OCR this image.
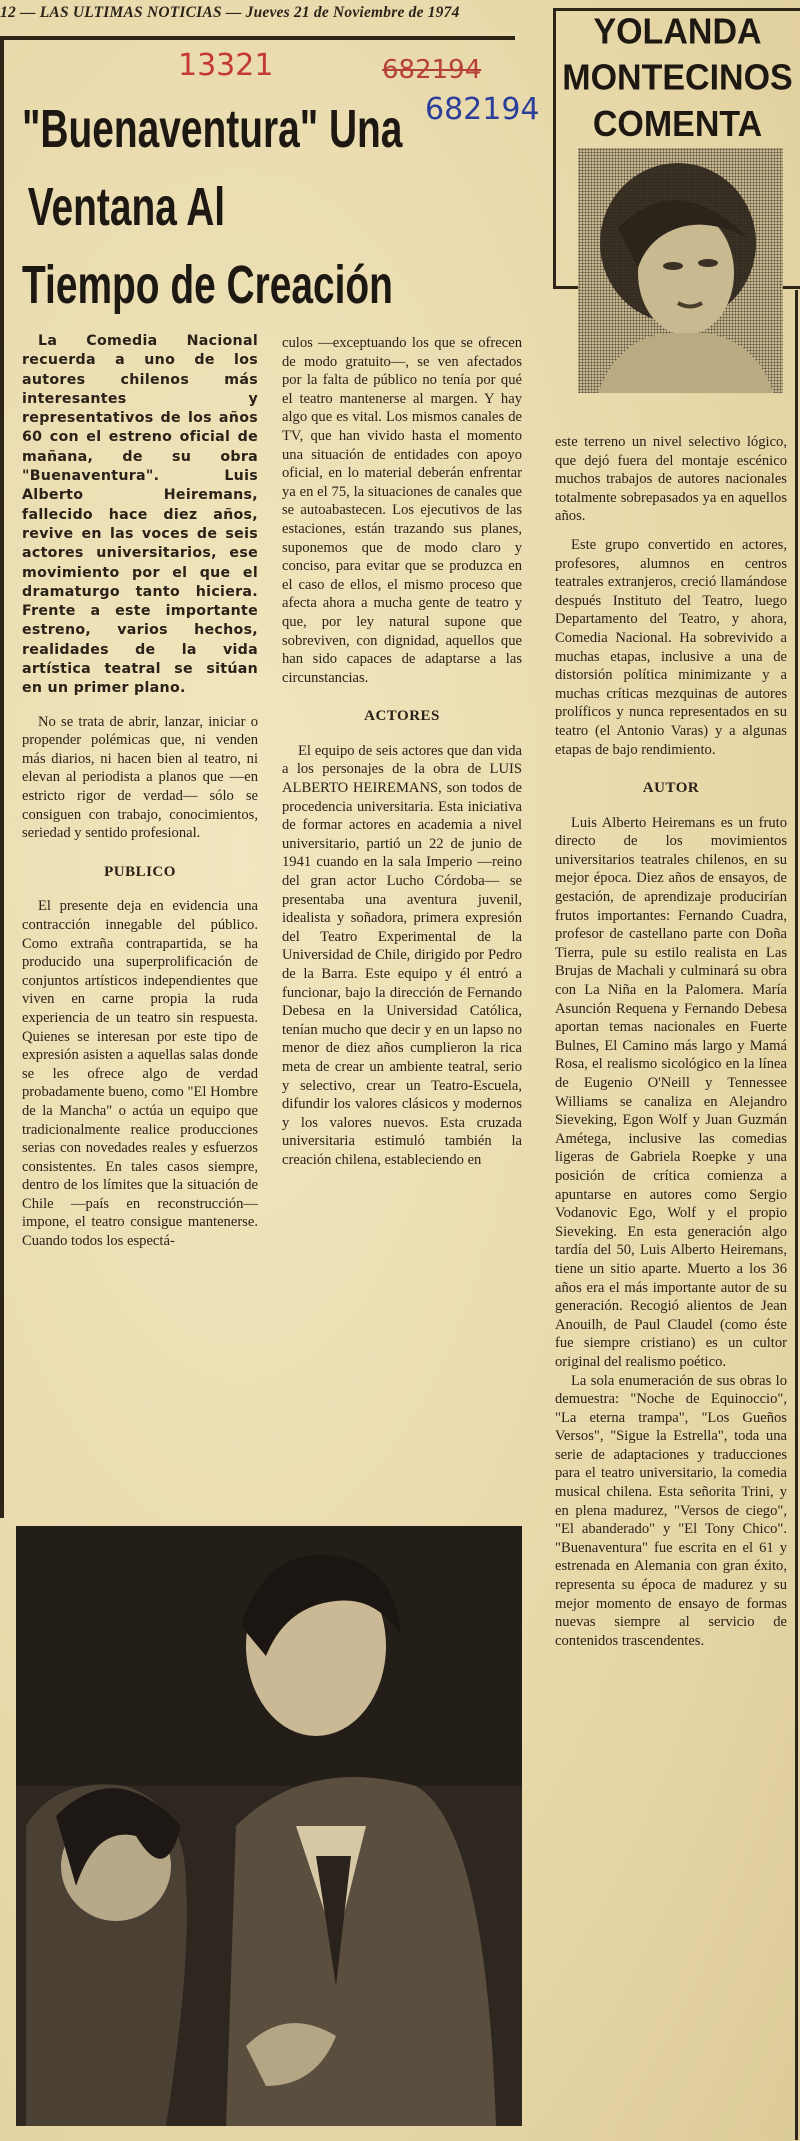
12 — LAS ULTIMAS NOTICIAS — Jueves 21 de Noviembre de 1974
13321	682194
682194
"Buenaventura" Una
Ventana Al
Tiempo de Creación
YOLANDA
MONTECINOS
COMENTA

La Comedia Nacional recuerda a uno de los autores chilenos más interesantes y representativos de los años 60 con el estreno oficial de mañana, de su obra "Buenaventura". Luis Alberto Heiremans, fallecido hace diez años, revive en las voces de seis actores universitarios, ese movimiento por el que el dramaturgo tanto hiciera. Frente a este importante estreno, varios hechos, realidades de la vida artística teatral se sitúan en un primer plano.

No se trata de abrir, lanzar, iniciar o propender polémicas que, ni venden más diarios, ni hacen bien al teatro, ni elevan al periodista a planos que —en estricto rigor de verdad— sólo se consiguen con trabajo, conocimientos, seriedad y sentido profesional.

PUBLICO

El presente deja en evidencia una contracción innegable del público. Como extraña contrapartida, se ha producido una superprolificación de conjuntos artísticos independientes que viven en carne propia la ruda experiencia de un teatro sin respuesta. Quienes se interesan por este tipo de expresión asisten a aquellas salas donde se les ofrece algo de verdad probadamente bueno, como "El Hombre de la Mancha" o actúa un equipo que tradicionalmente realice producciones serias con novedades reales y esfuerzos consistentes. En tales casos siempre, dentro de los límites que la situación de Chile —país en reconstrucción— impone, el teatro consigue mantenerse. Cuando todos los espectá-

culos —exceptuando los que se ofrecen de modo gratuito—, se ven afectados por la falta de público no tenía por qué el teatro mantenerse al margen. Y hay algo que es vital. Los mismos canales de TV, que han vivido hasta el momento una situación de entidades con apoyo oficial, en lo material deberán enfrentar ya en el 75, la situaciones de canales que se autoabastecen. Los ejecutivos de las estaciones, están trazando sus planes, suponemos que de modo claro y conciso, para evitar que se produzca en el caso de ellos, el mismo proceso que afecta ahora a mucha gente de teatro y que, por ley natural supone que sobreviven, con dignidad, aquellos que han sido capaces de adaptarse a las circunstancias.

ACTORES

El equipo de seis actores que dan vida a los personajes de la obra de LUIS ALBERTO HEIREMANS, son todos de procedencia universitaria. Esta iniciativa de formar actores en academia a nivel universitario, partió un 22 de junio de 1941 cuando en la sala Imperio —reino del gran actor Lucho Córdoba— se presentaba una aventura juvenil, idealista y soñadora, primera expresión del Teatro Experimental de la Universidad de Chile, dirigido por Pedro de la Barra. Este equipo y él entró a funcionar, bajo la dirección de Fernando Debesa en la Universidad Católica, tenían mucho que decir y en un lapso no menor de diez años cumplieron la rica meta de crear un ambiente teatral, serio y selectivo, crear un Teatro-Escuela, difundir los valores clásicos y modernos y los valores nuevos. Esta cruzada universitaria estimuló también la creación chilena, estableciendo en

este terreno un nivel selectivo lógico, que dejó fuera del montaje escénico muchos trabajos de autores nacionales totalmente sobrepasados ya en aquellos años.

Este grupo convertido en actores, profesores, alumnos en centros teatrales extranjeros, creció llamándose después Instituto del Teatro, luego Departamento del Teatro, y ahora, Comedia Nacional. Ha sobrevivido a muchas etapas, inclusive a una de distorsión política minimizante y a muchas críticas mezquinas de autores prolíficos y nunca representados en su teatro (el Antonio Varas) y a algunas etapas de bajo rendimiento.

AUTOR

Luis Alberto Heiremans es un fruto directo de los movimientos universitarios teatrales chilenos, en su mejor época. Diez años de ensayos, de gestación, de aprendizaje producirían frutos importantes: Fernando Cuadra, profesor de castellano parte con Doña Tierra, pule su estilo realista en Las Brujas de Machali y culminará su obra con La Niña en la Palomera. María Asunción Requena y Fernando Debesa aportan temas nacionales en Fuerte Bulnes, El Camino más largo y Mamá Rosa, el realismo sicológico en la línea de Eugenio O'Neill y Tennessee Williams se canaliza en Alejandro Sieveking, Egon Wolf y Juan Guzmán Amétega, inclusive las comedias ligeras de Gabriela Roepke y una posición de crítica comienza a apuntarse en autores como Sergio Vodanovic Ego, Wolf y el propio Sieveking. En esta generación algo tardía del 50, Luis Alberto Heiremans, tiene un sitio aparte. Muerto a los 36 años era el más importante autor de su generación. Recogió alientos de Jean Anouilh, de Paul Claudel (como éste fue siempre cristiano) es un cultor original del realismo poético.

La sola enumeración de sus obras lo demuestra: "Noche de Equinoccio", "La eterna trampa", "Los Gueños Versos", "Sigue la Estrella", toda una serie de adaptaciones y traducciones para el teatro universitario, la comedia musical chilena. Esta señorita Trini, y en plena madurez, "Versos de ciego", "El abanderado" y "El Tony Chico". "Buenaventura" fue escrita en el 61 y estrenada en Alemania con gran éxito, representa su época de madurez y su mejor momento de ensayo de formas nuevas siempre al servicio de contenidos trascendentes.
